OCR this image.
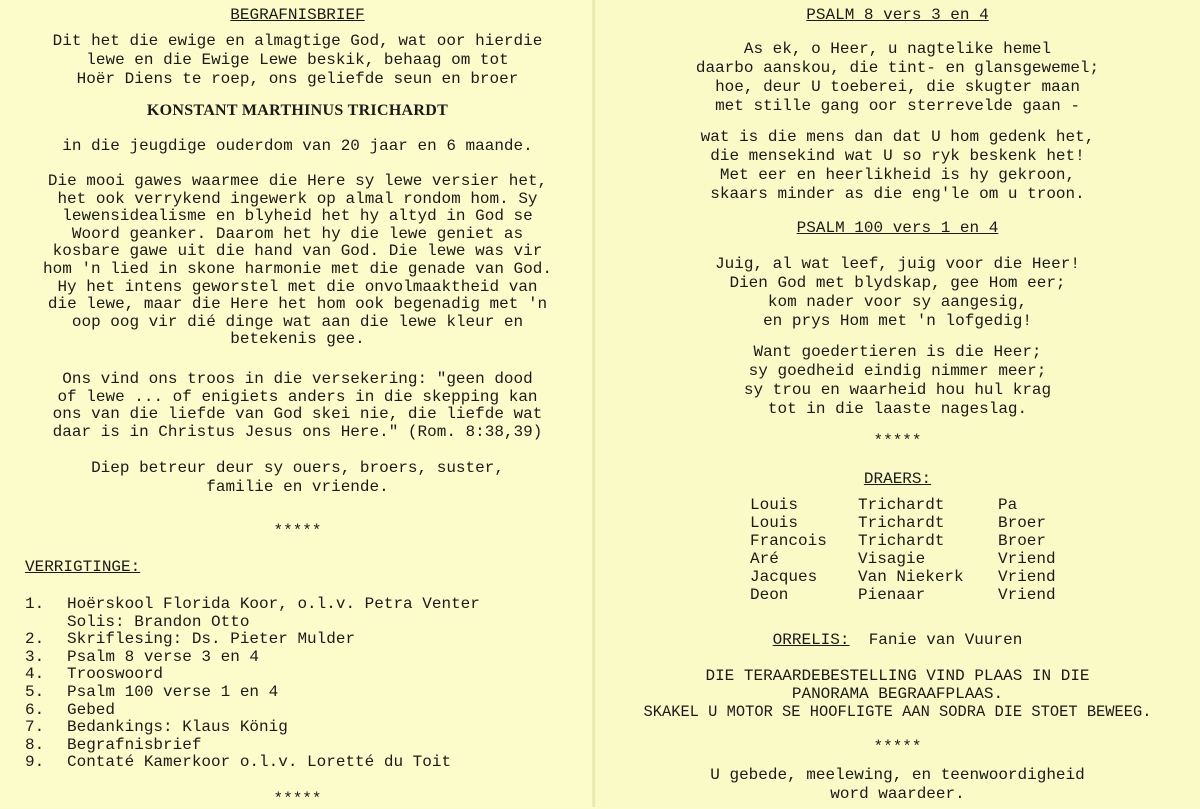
BEGRAFNISBRIEF
Dit het die ewige en almagtige God, wat oor hierdie
lewe en die Ewige Lewe beskik, behaag om tot
Hoër Diens te roep, ons geliefde seun en broer
KONSTANT MARTHINUS TRICHARDT
in die jeugdige ouderdom van 20 jaar en 6 maande.
Die mooi gawes waarmee die Here sy lewe versier het,
het ook verrykend ingewerk op almal rondom hom. Sy
lewensidealisme en blyheid het hy altyd in God se
Woord geanker. Daarom het hy die lewe geniet as
kosbare gawe uit die hand van God. Die lewe was vir
hom 'n lied in skone harmonie met die genade van God.
Hy het intens geworstel met die onvolmaaktheid van
die lewe, maar die Here het hom ook begenadig met 'n
oop oog vir dié dinge wat aan die lewe kleur en
betekenis gee.
Ons vind ons troos in die versekering: "geen dood
of lewe ... of enigiets anders in die skepping kan
ons van die liefde van God skei nie, die liefde wat
daar is in Christus Jesus ons Here." (Rom. 8:38,39)
Diep betreur deur sy ouers, broers, suster,
familie en vriende.
*****
VERRIGTINGE:
1.	Hoërskool Florida Koor, o.l.v. Petra Venter
Solis: Brandon Otto
2.	Skriflesing: Ds. Pieter Mulder
3.	Psalm 8 verse 3 en 4
4.	Trooswoord
5.	Psalm 100 verse 1 en 4
6.	Gebed
7.	Bedankings: Klaus König
8.	Begrafnisbrief
9.	Contaté Kamerkoor o.l.v. Loretté du Toit
*****
PSALM 8 vers 3 en 4
As ek, o Heer, u nagtelike hemel
daarbo aanskou, die tint- en glansgewemel;
hoe, deur U toeberei, die skugter maan
met stille gang oor sterrevelde gaan -
wat is die mens dan dat U hom gedenk het,
die mensekind wat U so ryk beskenk het!
Met eer en heerlikheid is hy gekroon,
skaars minder as die eng'le om u troon.
PSALM 100 vers 1 en 4
Juig, al wat leef, juig voor die Heer!
Dien God met blydskap, gee Hom eer;
kom nader voor sy aangesig,
en prys Hom met 'n lofgedig!
Want goedertieren is die Heer;
sy goedheid eindig nimmer meer;
sy trou en waarheid hou hul krag
tot in die laaste nageslag.
*****
DRAERS:
Louis	Trichardt	Pa
Louis	Trichardt	Broer
Francois	Trichardt	Broer
Aré	Visagie	Vriend
Jacques	Van Niekerk	Vriend
Deon	Pienaar	Vriend
ORRELIS: Fanie van Vuuren
DIE TERAARDEBESTELLING VIND PLAAS IN DIE
PANORAMA BEGRAAFPLAAS.
SKAKEL U MOTOR SE HOOFLIGTE AAN SODRA DIE STOET BEWEEG.
*****
U gebede, meelewing, en teenwoordigheid
word waardeer.
